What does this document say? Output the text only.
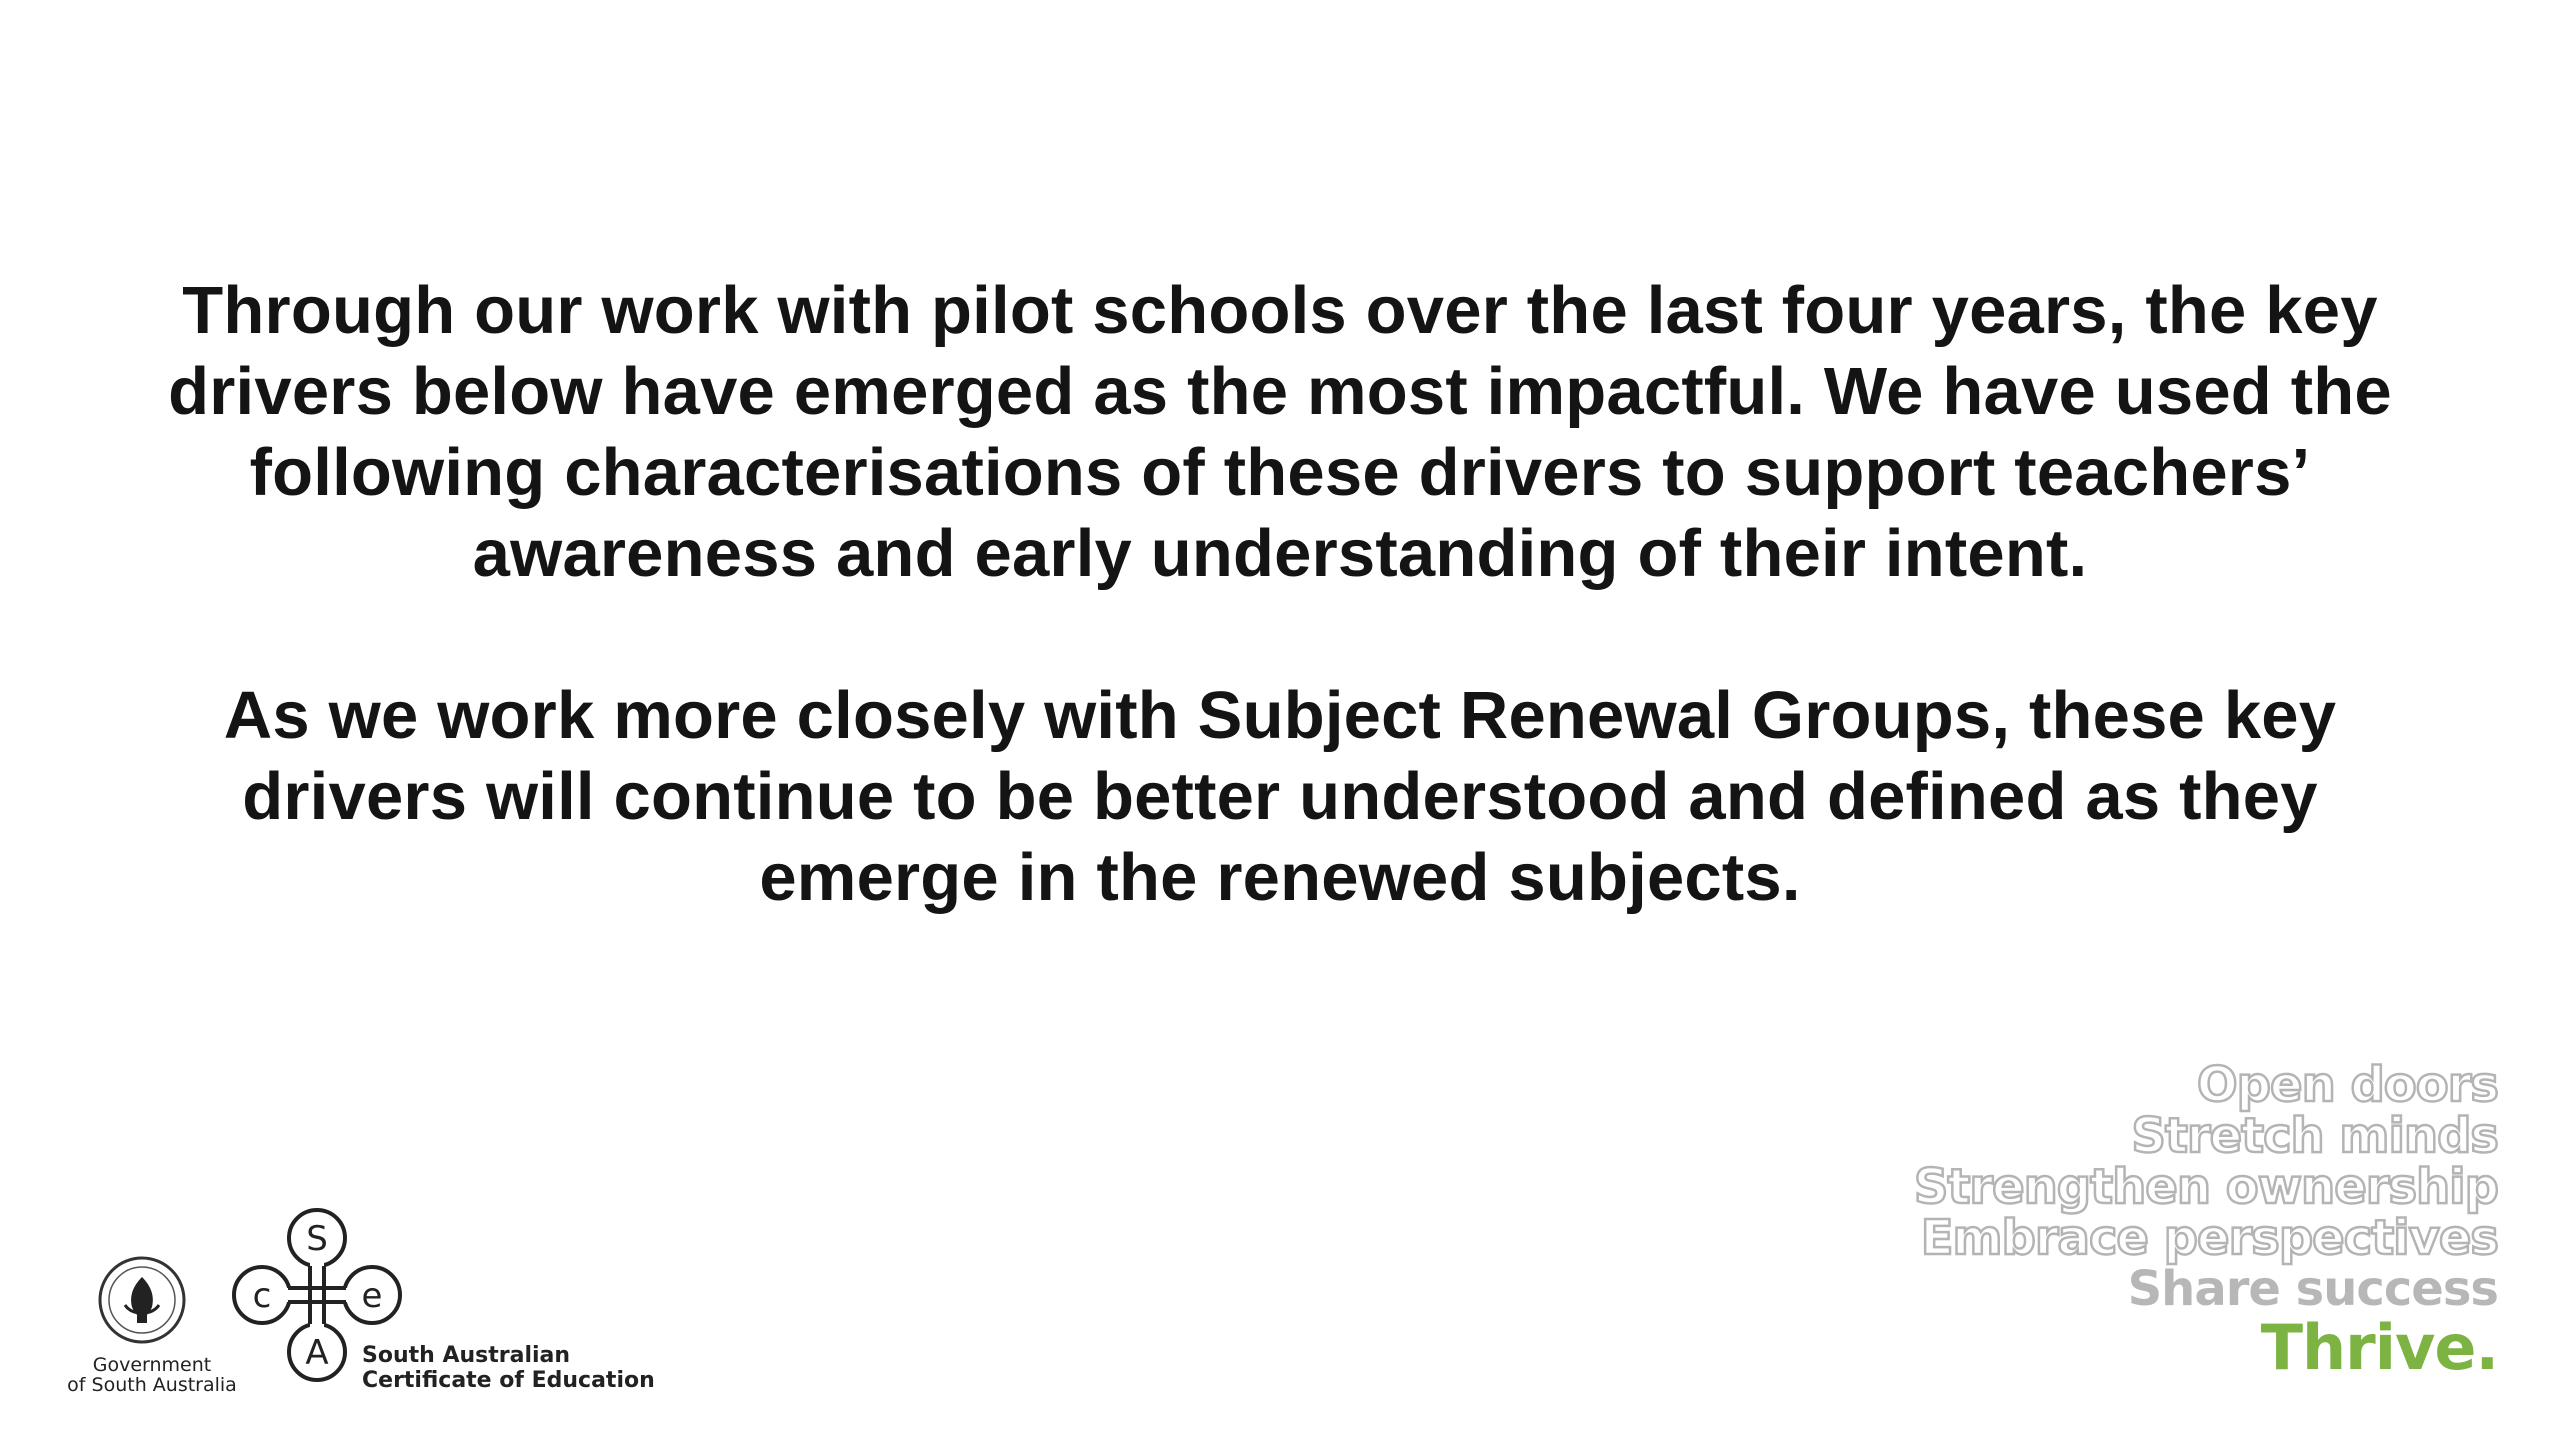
Through our work with pilot schools over the last four years, the key drivers below have emerged as the most impactful. We have used the following characterisations of these drivers to support teachers’ awareness and early understanding of their intent.

As we work more closely with Subject Renewal Groups, these key drivers will continue to be better understood and defined as they emerge in the renewed subjects.

Open doors
Stretch minds
Strengthen ownership
Embrace perspectives
Share success
Thrive.
Government
of South Australia
S
c	e
A South Australian
Certificate of Education
